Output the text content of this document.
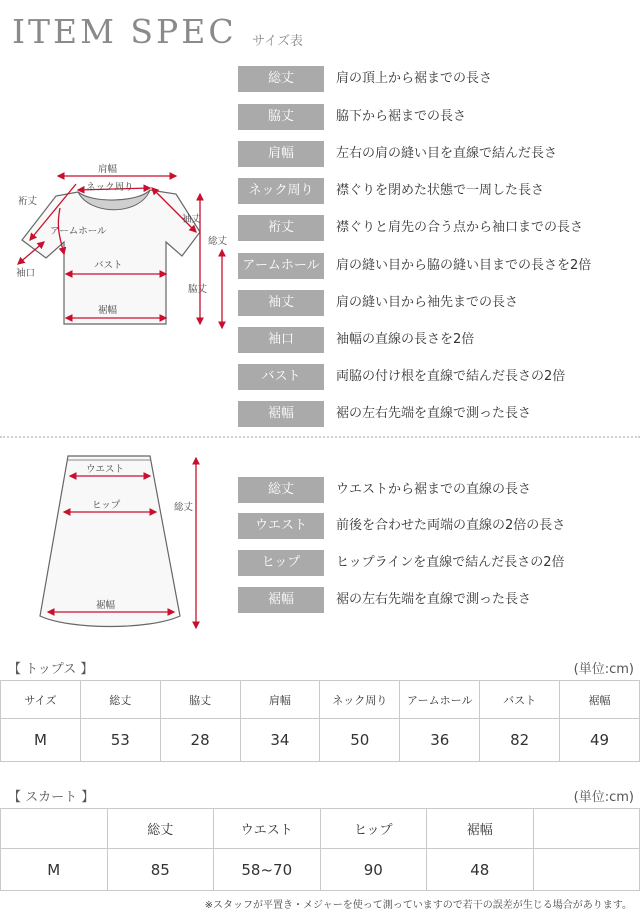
ITEM SPEC サイズ表
総丈	肩の頂上から裾までの長さ
脇丈	脇下から裾までの長さ
肩幅	左右の肩の縫い目を直線で結んだ長さ
ネック周り	襟ぐりを閉めた状態で一周した長さ
裄丈	襟ぐりと肩先の合う点から袖口までの長さ
アームホール	肩の縫い目から脇の縫い目までの長さを2倍
袖丈	肩の縫い目から袖先までの長さ
袖口	袖幅の直線の長さを2倍
バスト	両脇の付け根を直線で結んだ長さの2倍
裾幅	裾の左右先端を直線で測った長さ
肩幅
ネック周り
裄丈
袖丈
総丈
アームホール
袖口
バスト
脇丈
裾幅
総丈	ウエストから裾までの直線の長さ
ウエスト	前後を合わせた両端の直線の2倍の長さ
ヒップ	ヒップラインを直線で結んだ長さの2倍
裾幅	裾の左右先端を直線で測った長さ
ウエスト
ヒップ	総丈
裾幅
【 トップス 】	(単位:cm)
サイズ	総丈	脇丈	肩幅	ネック周り	アームホール	バスト	裾幅
M	53	28	34	50	36	82	49
【 スカート 】	(単位:cm)
	総丈	ウエスト	ヒップ	裾幅	
M	85	58~70	90	48	
※スタッフが平置き・メジャーを使って測っていますので若干の誤差が生じる場合があります。
